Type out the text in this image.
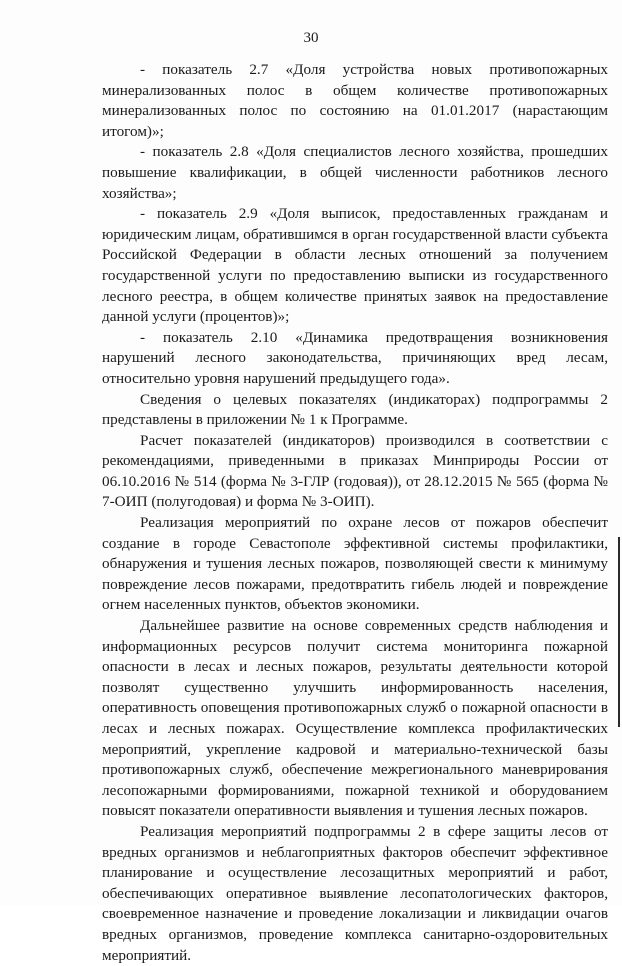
30

- показатель 2.7 «Доля устройства новых противопожарных минерализованных полос в общем количестве противопожарных минерализованных полос по состоянию на 01.01.2017 (нарастающим итогом)»;

- показатель 2.8 «Доля специалистов лесного хозяйства, прошедших повышение квалификации, в общей численности работников лесного хозяйства»;

- показатель 2.9 «Доля выписок, предоставленных гражданам и юридическим лицам, обратившимся в орган государственной власти субъекта Российской Федерации в области лесных отношений за получением государственной услуги по предоставлению выписки из государственного лесного реестра, в общем количестве принятых заявок на предоставление данной услуги (процентов)»;

- показатель 2.10 «Динамика предотвращения возникновения нарушений лесного законодательства, причиняющих вред лесам, относительно уровня нарушений предыдущего года».

Сведения о целевых показателях (индикаторах) подпрограммы 2 представлены в приложении № 1 к Программе.

Расчет показателей (индикаторов) производился в соответствии с рекомендациями, приведенными в приказах Минприроды России от 06.10.2016 № 514 (форма № 3-ГЛР (годовая)), от 28.12.2015 № 565 (форма № 7-ОИП (полугодовая) и форма № 3-ОИП).

Реализация мероприятий по охране лесов от пожаров обеспечит создание в городе Севастополе эффективной системы профилактики, обнаружения и тушения лесных пожаров, позволяющей свести к минимуму повреждение лесов пожарами, предотвратить гибель людей и повреждение огнем населенных пунктов, объектов экономики.

Дальнейшее развитие на основе современных средств наблюдения и информационных ресурсов получит система мониторинга пожарной опасности в лесах и лесных пожаров, результаты деятельности которой позволят существенно улучшить информированность населения, оперативность оповещения противопожарных служб о пожарной опасности в лесах и лесных пожарах. Осуществление комплекса профилактических мероприятий, укрепление кадровой и материально-технической базы противопожарных служб, обеспечение межрегионального маневрирования лесопожарными формированиями, пожарной техникой и оборудованием повысят показатели оперативности выявления и тушения лесных пожаров.

Реализация мероприятий подпрограммы 2 в сфере защиты лесов от вредных организмов и неблагоприятных факторов обеспечит эффективное планирование и осуществление лесозащитных мероприятий и работ, обеспечивающих оперативное выявление лесопатологических факторов, своевременное назначение и проведение локализации и ликвидации очагов вредных организмов, проведение комплекса санитарно-оздоровительных мероприятий.
